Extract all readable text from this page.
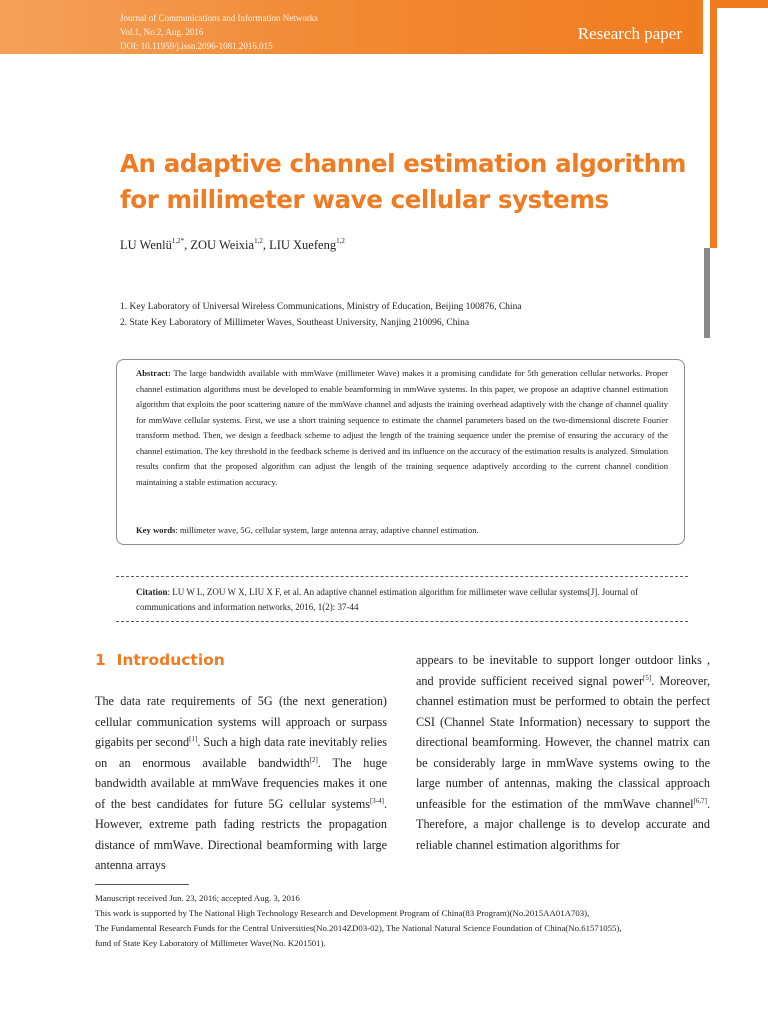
Journal of Communications and Information Networks
Vol.1, No.2, Aug. 2016
DOI: 10.11959/j.issn.2096-1081.2016.015
Research paper
An adaptive channel estimation algorithm
for millimeter wave cellular systems
LU Wenlü$^{1,2*}$, ZOU Weixia$^{1,2}$, LIU Xuefeng$^{1,2}$
1. Key Laboratory of Universal Wireless Communications, Ministry of Education, Beijing 100876, China
2. State Key Laboratory of Millimeter Waves, Southeast University, Nanjing 210096, China
Abstract: The large bandwidth available with mmWave (millimeter Wave) makes it a promising candidate for 5th generation cellular networks. Proper channel estimation algorithms must be developed to enable beamforming in mmWave systems. In this paper, we propose an adaptive channel estimation algorithm that exploits the poor scattering nature of the mmWave channel and adjusts the training overhead adaptively with the change of channel quality for mmWave cellular systems. First, we use a short training sequence to estimate the channel parameters based on the two-dimensional discrete Fourier transform method. Then, we design a feedback scheme to adjust the length of the training sequence under the premise of ensuring the accuracy of the channel estimation. The key threshold in the feedback scheme is derived and its influence on the accuracy of the estimation results is analyzed. Simulation results confirm that the proposed algorithm can adjust the length of the training sequence adaptively according to the current channel condition maintaining a stable estimation accuracy.
Key words: millimeter wave, 5G, cellular system, large antenna array, adaptive channel estimation.
Citation: LU W L, ZOU W X, LIU X F, et al. An adaptive channel estimation algorithm for millimeter wave cellular systems[J]. Journal of communications and information networks, 2016, 1(2): 37-44
1 Introduction
The data rate requirements of 5G (the next generation) cellular communication systems will approach or surpass gigabits per second[1]. Such a high data rate inevitably relies on an enormous available bandwidth[2]. The huge bandwidth available at mmWave frequencies makes it one of the best candidates for future 5G cellular systems[3-4]. However, extreme path fading restricts the propagation distance of mmWave. Directional beamforming with large antenna arrays
appears to be inevitable to support longer outdoor links , and provide sufficient received signal power[5]. Moreover, channel estimation must be performed to obtain the perfect CSI (Channel State Information) necessary to support the directional beamforming. However, the channel matrix can be considerably large in mmWave systems owing to the large number of antennas, making the classical approach unfeasible for the estimation of the mmWave channel[6,7]. Therefore, a major challenge is to develop accurate and reliable channel estimation algorithms for
Manuscript received Jun. 23, 2016; accepted Aug. 3, 2016
This work is supported by The National High Technology Research and Development Program of China(83 Program)(No.2015AA01A703),
The Fundamental Research Funds for the Central Universities(No.2014ZD03-02), The National Natural Science Foundation of China(No.61571055),
fund of State Key Laboratory of Millimeter Wave(No. K201501).
